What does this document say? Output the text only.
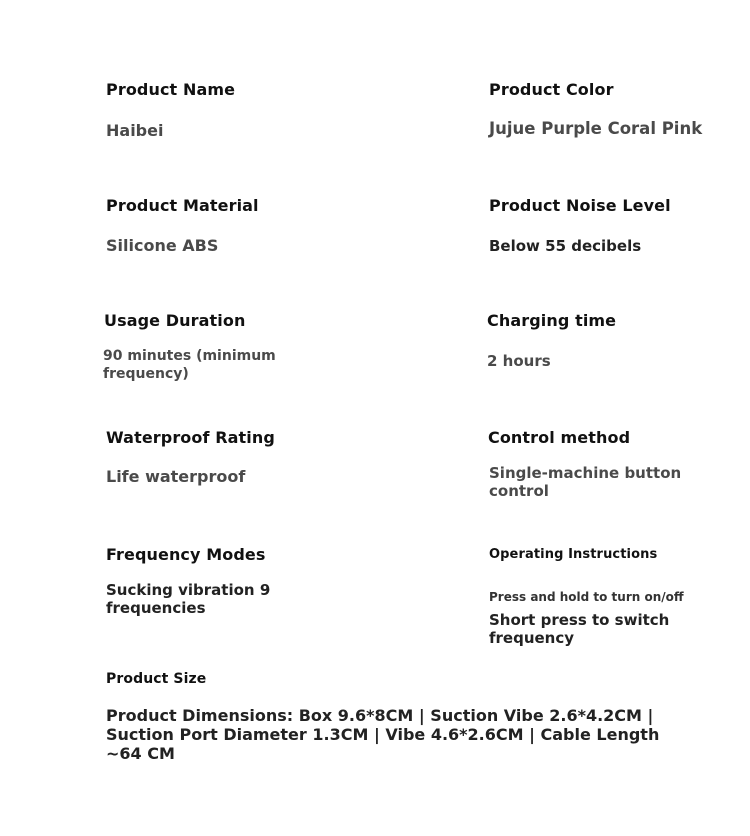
Product Name
Haibei
Product Color
Jujue Purple Coral Pink
Product Material
Silicone ABS
Product Noise Level
Below 55 decibels
Usage Duration
90 minutes (minimum frequency)
Charging time
2 hours
Waterproof Rating
Life waterproof
Control method
Single-machine button control
Frequency Modes
Sucking vibration 9 frequencies
Operating Instructions
Press and hold to turn on/off
Short press to switch frequency
Product Size
Product Dimensions: Box 9.6*8CM | Suction Vibe 2.6*4.2CM | Suction Port Diameter 1.3CM | Vibe 4.6*2.6CM | Cable Length ~64 CM
